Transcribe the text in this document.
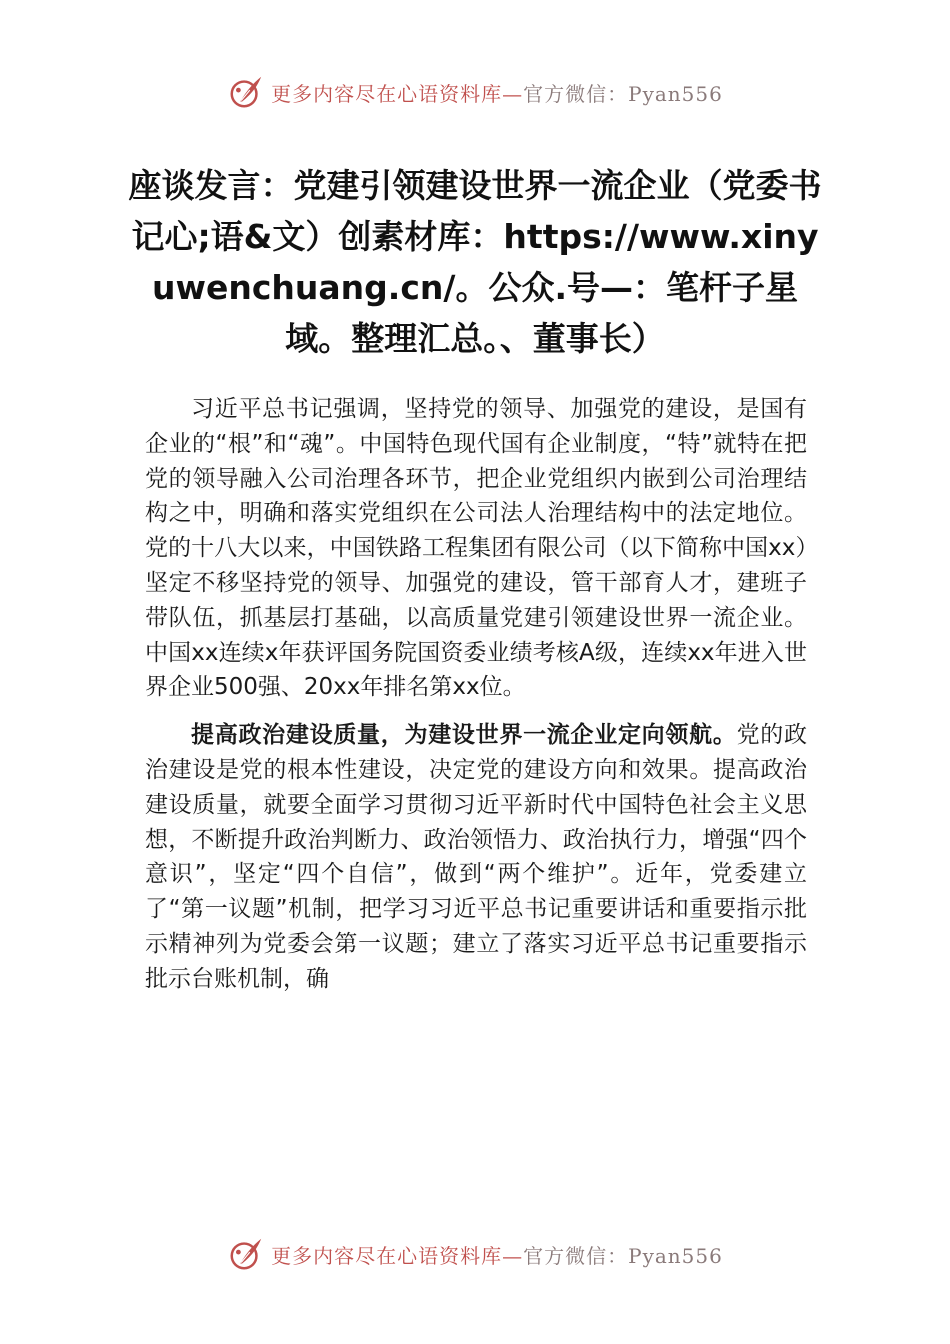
更多内容尽在心语资料库—官方微信：Pyan556
座谈发言：党建引领建设世界一流企业（党委书记心;语&文）创素材库：https://www.xinyuwenchuang.cn/。公众.号—：笔杆子星域。整理汇总。、董事长）

习近平总书记强调，坚持党的领导、加强党的建设，是国有企业的“根”和“魂”。中国特色现代国有企业制度，“特”就特在把党的领导融入公司治理各环节，把企业党组织内嵌到公司治理结构之中，明确和落实党组织在公司法人治理结构中的法定地位。党的十八大以来，中国铁路工程集团有限公司（以下简称中国xx）坚定不移坚持党的领导、加强党的建设，管干部育人才，建班子带队伍，抓基层打基础，以高质量党建引领建设世界一流企业。中国xx连续x年获评国务院国资委业绩考核A级，连续xx年进入世界企业500强、20xx年排名第xx位。

提高政治建设质量，为建设世界一流企业定向领航。党的政治建设是党的根本性建设，决定党的建设方向和效果。提高政治建设质量，就要全面学习贯彻习近平新时代中国特色社会主义思想，不断提升政治判断力、政治领悟力、政治执行力，增强“四个意识”，坚定“四个自信”，做到“两个维护”。近年，党委建立了“第一议题”机制，把学习习近平总书记重要讲话和重要指示批示精神列为党委会第一议题；建立了落实习近平总书记重要指示批示台账机制，确

更多内容尽在心语资料库—官方微信：Pyan556
